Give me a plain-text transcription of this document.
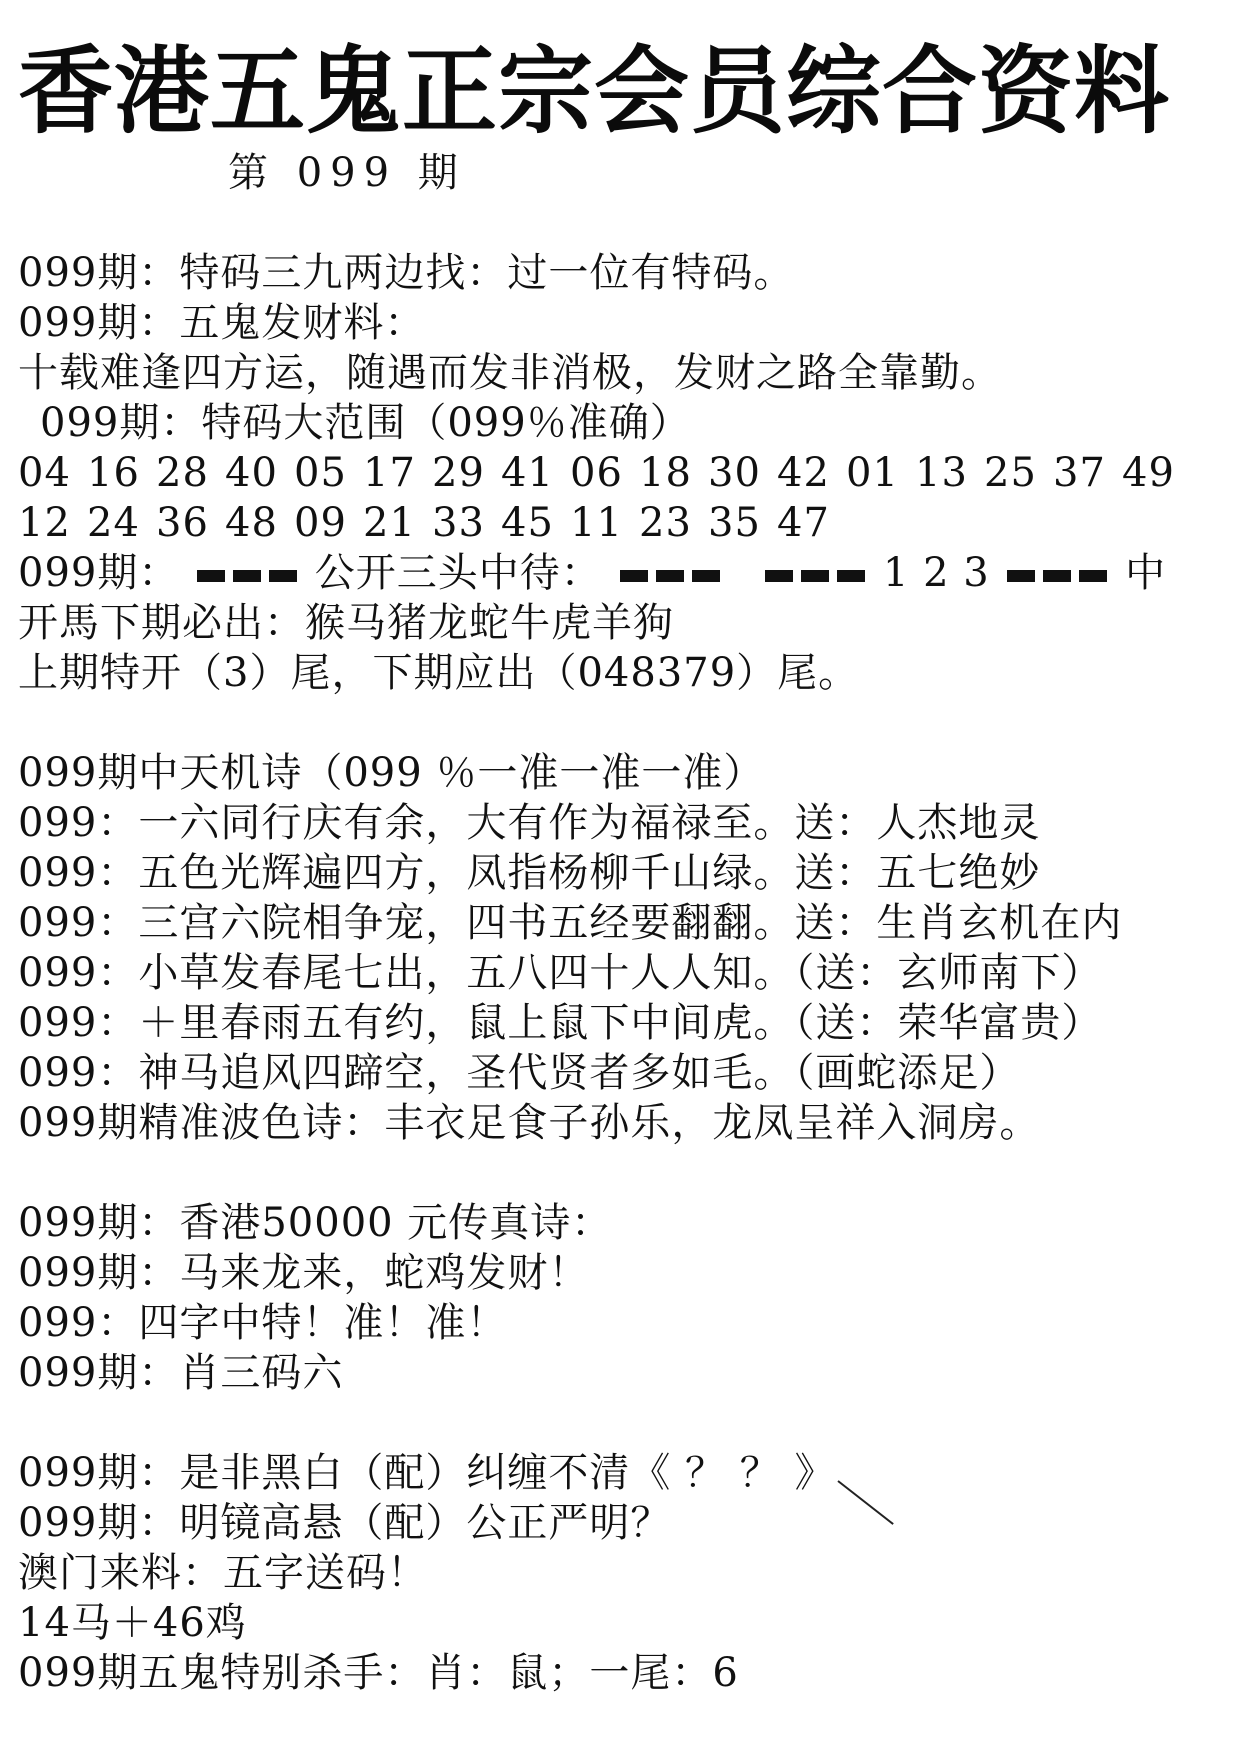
香港五鬼正宗会员综合资料
第 099 期
099期：特码三九两边找：过一位有特码。
099期：五鬼发财料：
十载难逢四方运，随遇而发非消极，发财之路全靠勤。
099期：特码大范围（099％准确）
04 16 28 40 05 17 29 41 06 18 30 42 01 13 25 37 49
12 24 36 48 09 21 33 45 11 23 35 47
099期：	公开三头中待：	1 2 3	中
开馬下期必出：猴马猪龙蛇牛虎羊狗
上期特开（3）尾，下期应出（048379）尾。
099期中天机诗（099 ％一准一准一准）
099：一六同行庆有余，大有作为福禄至。送：人杰地灵
099：五色光辉遍四方，凤指杨柳千山绿。送：五七绝妙
099：三宫六院相争宠，四书五经要翻翻。送：生肖玄机在内
099：小草发春尾七出，五八四十人人知。（送：玄师南下）
099：＋里春雨五有约，鼠上鼠下中间虎。（送：荣华富贵）
099：神马追风四蹄空，圣代贤者多如毛。（画蛇添足）
099期精准波色诗：丰衣足食子孙乐，龙凤呈祥入洞房。
099期：香港50000 元传真诗：
099期：马来龙来，蛇鸡发财！
099：四字中特！准！准！
099期：肖三码六
099期：是非黑白（配）纠缠不清《 ？ ？ 》
099期：明镜高悬（配）公正严明？
澳门来料：五字送码！
14马＋46鸡
099期五鬼特别杀手：肖：鼠；一尾：6
